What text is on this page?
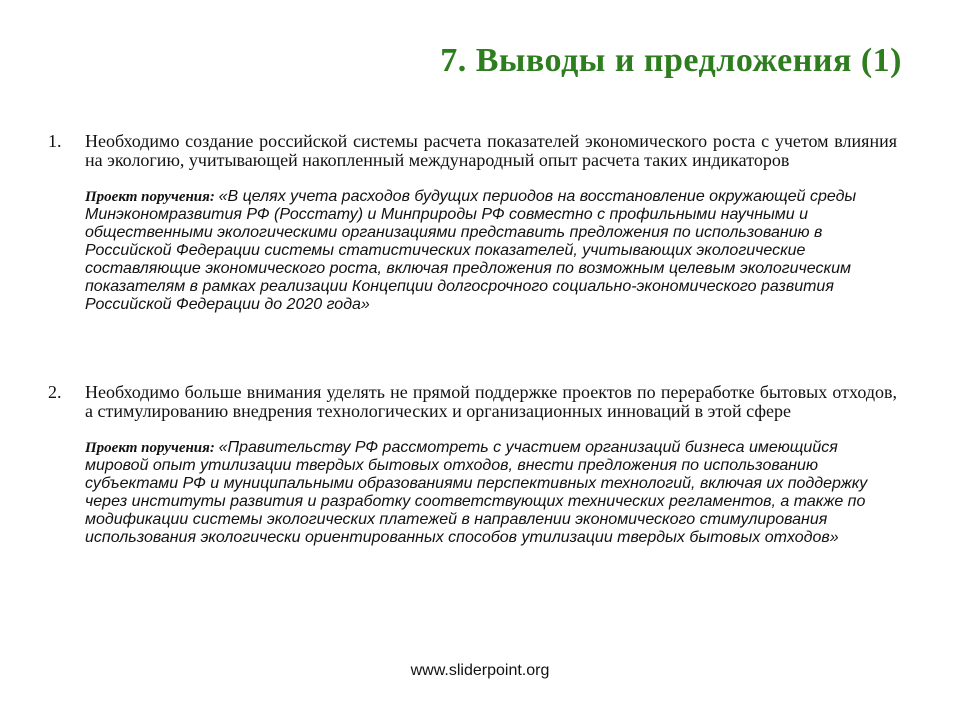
7. Выводы и предложения (1)
1. Необходимо создание российской системы расчета показателей экономического роста с учетом влияния на экологию, учитывающей накопленный международный опыт расчета таких индикаторов
Проект поручения: «В целях учета расходов будущих периодов на восстановление окружающей среды Минэкономразвития РФ (Росстату) и Минприроды РФ совместно с профильными научными и общественными экологическими организациями представить предложения по использованию в Российской Федерации системы статистических показателей, учитывающих экологические составляющие экономического роста, включая предложения по возможным целевым экологическим показателям в рамках реализации Концепции долгосрочного социально-экономического развития Российской Федерации до 2020 года»
2. Необходимо больше внимания уделять не прямой поддержке проектов по переработке бытовых отходов, а стимулированию внедрения технологических и организационных инноваций в этой сфере
Проект поручения: «Правительству РФ рассмотреть с участием организаций бизнеса имеющийся мировой опыт утилизации твердых бытовых отходов, внести предложения по использованию субъектами РФ и муниципальными образованиями перспективных технологий, включая их поддержку через институты развития и разработку соответствующих технических регламентов, а также по модификации системы экологических платежей в направлении экономического стимулирования использования экологически ориентированных способов утилизации твердых бытовых отходов»
www.sliderpoint.org
